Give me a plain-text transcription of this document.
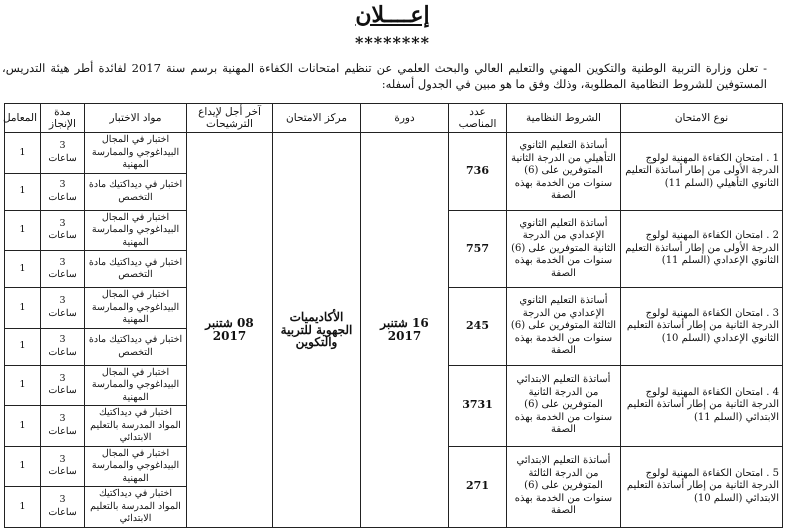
إعــــلان
********
- تعلن وزارة التربية الوطنية والتكوين المهني والتعليم العالي والبحث العلمي عن تنظيم امتحانات الكفاءة المهنية برسم سنة 2017 لفائدة أطر هيئة التدريس، المستوفين للشروط النظامية المطلوبة، وذلك وفق ما هو مبين في الجدول أسفله:
نوع الامتحان	الشروط النظامية	عدد المناصب	دورة	مركز الامتحان	آخر أجل لإيداع الترشيحات	مواد الاختبار	مدة الإنجاز	المعامل
1 . امتحان الكفاءة المهنية لولوج الدرجة الأولى من إطار أساتذة التعليم الثانوي التأهيلي (السلم 11)	أساتذة التعليم الثانوي التأهيلي من الدرجة الثانية المتوفرين على (6) سنوات من الخدمة بهذه الصفة	736	16 شتنبر 2017	الأكاديميات الجهوية للتربية والتكوين	08 شتنبر 2017	اختبار في المجال البيداغوجي والممارسة المهنية	3 ساعات	1
						اختبار في ديداكتيك مادة التخصص	3 ساعات	1
2 . امتحان الكفاءة المهنية لولوج الدرجة الأولى من إطار أساتذة التعليم الثانوي الإعدادي (السلم 11)	أساتذة التعليم الثانوي الإعدادي من الدرجة الثانية المتوفرين على (6) سنوات من الخدمة بهذه الصفة	757				اختبار في المجال البيداغوجي والممارسة المهنية	3 ساعات	1
						اختبار في ديداكتيك مادة التخصص	3 ساعات	1
3 . امتحان الكفاءة المهنية لولوج الدرجة الثانية من إطار أساتذة التعليم الثانوي الإعدادي (السلم 10)	أساتذة التعليم الثانوي الإعدادي من الدرجة الثالثة المتوفرين على (6) سنوات من الخدمة بهذه الصفة	245				اختبار في المجال البيداغوجي والممارسة المهنية	3 ساعات	1
						اختبار في ديداكتيك مادة التخصص	3 ساعات	1
4 . امتحان الكفاءة المهنية لولوج الدرجة الثانية من إطار أساتذة التعليم الابتدائي (السلم 11)	أساتذة التعليم الابتدائي من الدرجة الثانية المتوفرين على (6) سنوات من الخدمة بهذه الصفة	3731				اختبار في المجال البيداغوجي والممارسة المهنية	3 ساعات	1
						اختبار في ديداكتيك المواد المدرسة بالتعليم الابتدائي	3 ساعات	1
5 . امتحان الكفاءة المهنية لولوج الدرجة الثانية من إطار أساتذة التعليم الابتدائي (السلم 10)	أساتذة التعليم الابتدائي من الدرجة الثالثة المتوفرين على (6) سنوات من الخدمة بهذه الصفة	271				اختبار في المجال البيداغوجي والممارسة المهنية	3 ساعات	1
						اختبار في ديداكتيك المواد المدرسة بالتعليم الابتدائي	3 ساعات	1
